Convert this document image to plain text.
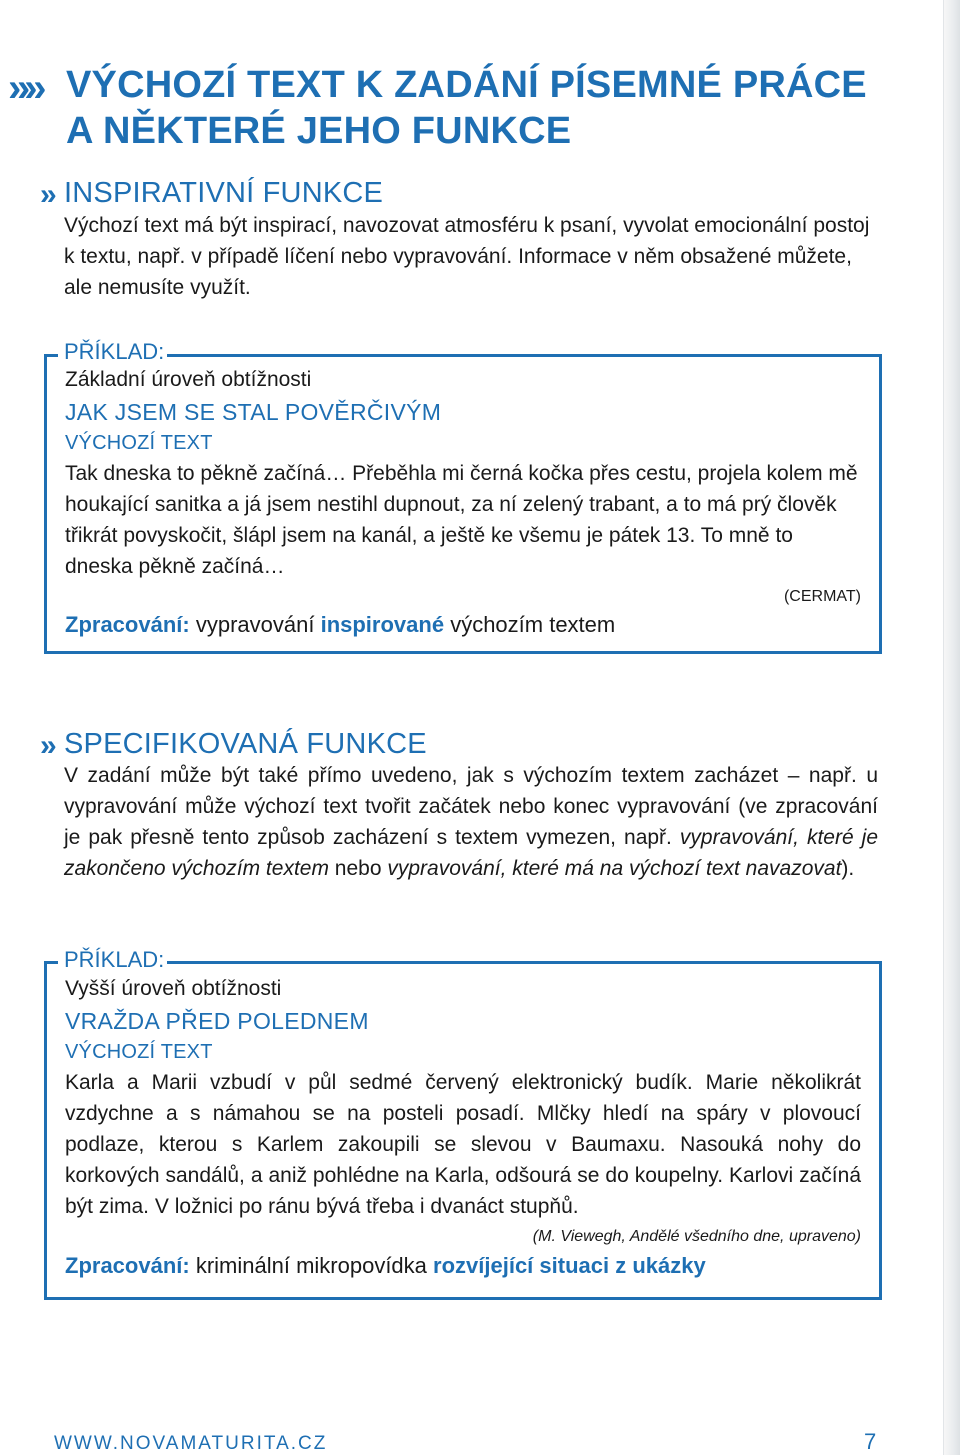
»» VÝCHOZÍ TEXT K ZADÁNÍ PÍSEMNÉ PRÁCE
A NĚKTERÉ JEHO FUNKCE
» INSPIRATIVNÍ FUNKCE

Výchozí text má být inspirací, navozovat atmosféru k psaní, vyvolat emocionální postoj k textu, např. v případě líčení nebo vypravování. Informace v něm obsažené můžete, ale nemusíte využít.

Základní úroveň obtížnosti
JAK JSEM SE STAL POVĚRČIVÝM
VÝCHOZÍ TEXT

Tak dneska to pěkně začíná… Přeběhla mi černá kočka přes cestu, projela kolem mě houkající sanitka a já jsem nestihl dupnout, za ní zelený trabant, a to má prý člověk třikrát povyskočit, šlápl jsem na kanál, a ještě ke všemu je pátek 13. To mně to dneska pěkně začíná…

(CERMAT)
Zpracování: vypravování inspirované výchozím textem
PŘÍKLAD:
» SPECIFIKOVANÁ FUNKCE

V zadání může být také přímo uvedeno, jak s výchozím textem zacházet – např. u vypravování může výchozí text tvořit začátek nebo konec vypravování (ve zpracování je pak přesně tento způsob zacházení s textem vymezen, např. vypravování, které je zakončeno výchozím textem nebo vypravování, které má na výchozí text navazovat).

Vyšší úroveň obtížnosti
VRAŽDA PŘED POLEDNEM
VÝCHOZÍ TEXT

Karla a Marii vzbudí v půl sedmé červený elektronický budík. Marie několikrát vzdychne a s námahou se na posteli posadí. Mlčky hledí na spáry v plovoucí podlaze, kterou s Karlem zakoupili se slevou v Baumaxu. Nasouká nohy do korkových sandálů, a aniž pohlédne na Karla, odšourá se do koupelny. Karlovi začíná být zima. V ložnici po ránu bývá třeba i dvanáct stupňů.

(M. Viewegh, Andělé všedního dne, upraveno)
Zpracování: kriminální mikropovídka rozvíjející situaci z ukázky
PŘÍKLAD:
WWW.NOVAMATURITA.CZ	7
